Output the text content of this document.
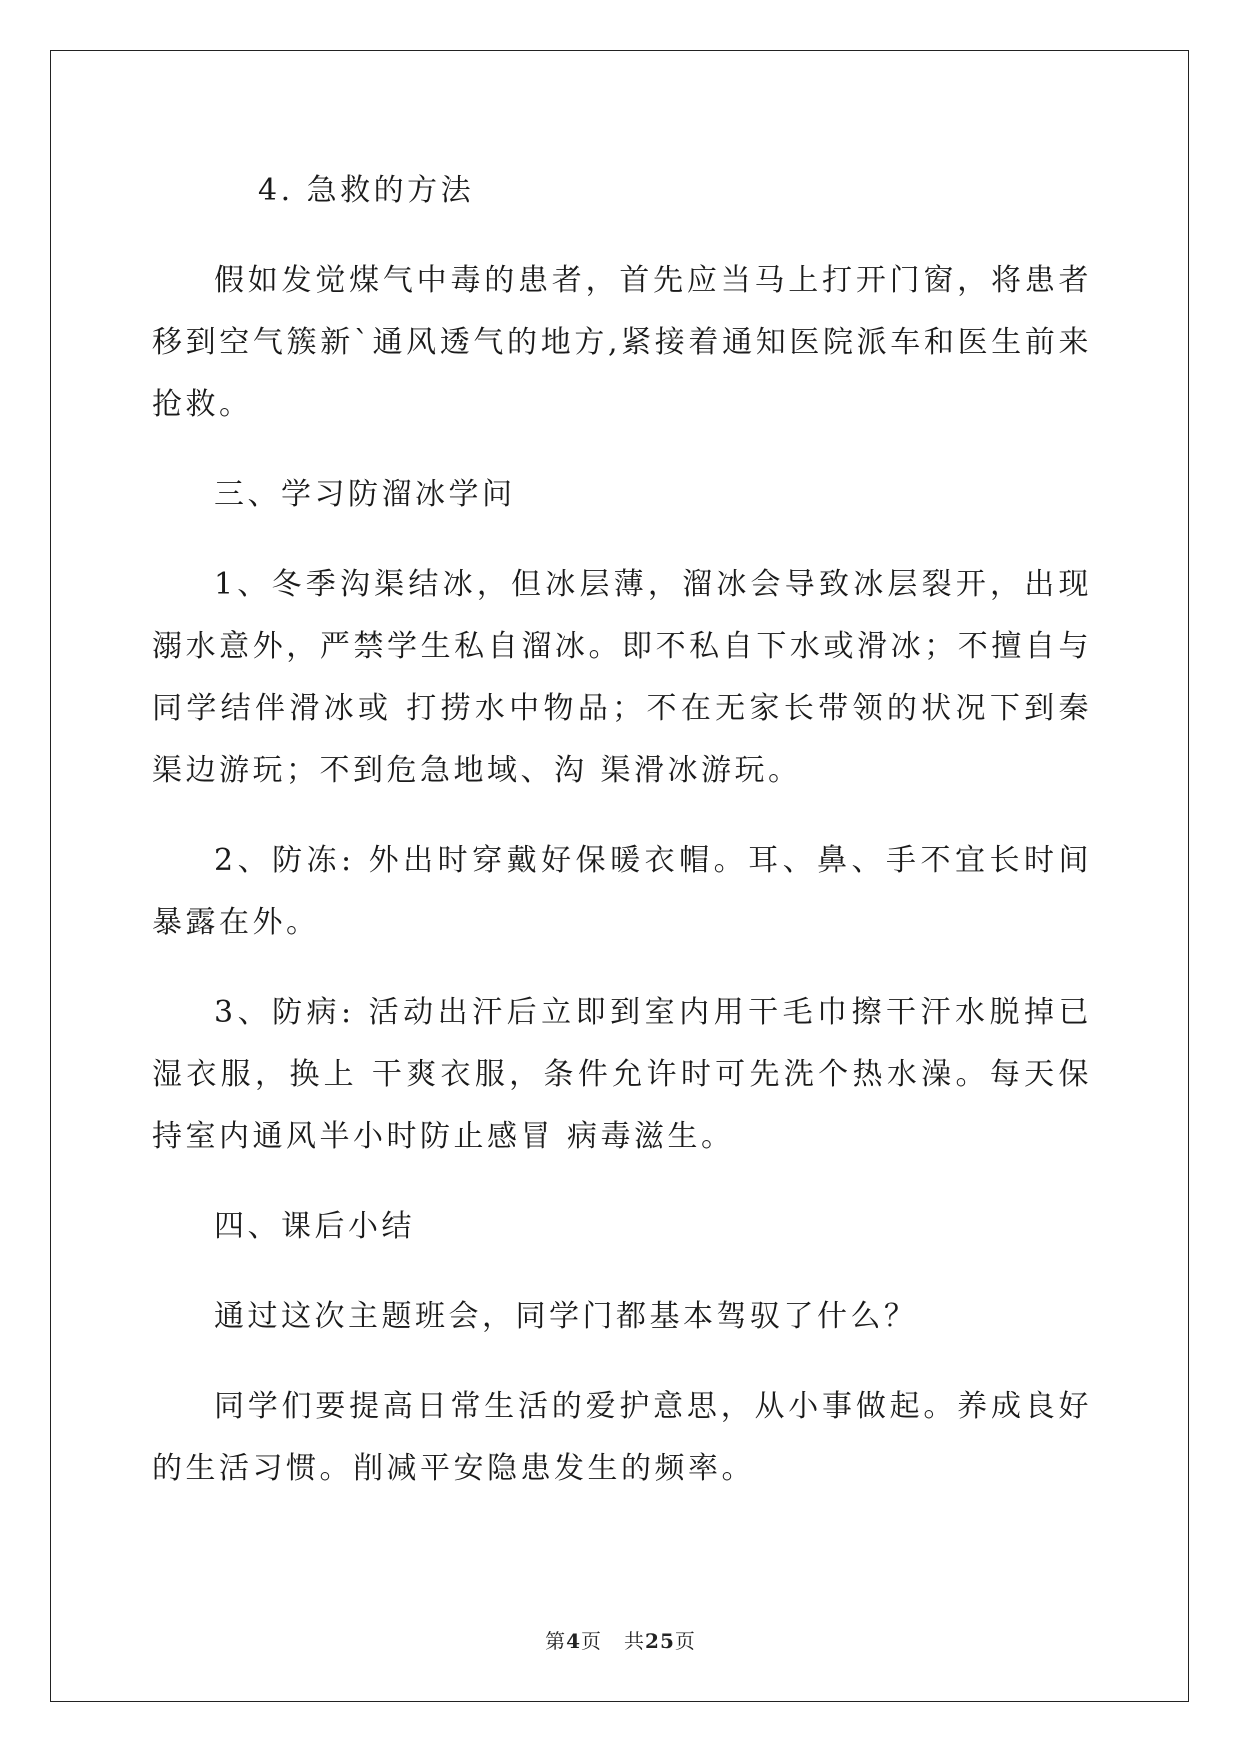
4. 急救的方法

假如发觉煤气中毒的患者，首先应当马上打开门窗，将患者移到空气簇新`通风透气的地方,紧接着通知医院派车和医生前来抢救。

三、学习防溜冰学问

1、冬季沟渠结冰，但冰层薄，溜冰会导致冰层裂开，出现溺水意外，严禁学生私自溜冰。即不私自下水或滑冰；不擅自与同学结伴滑冰或 打捞水中物品；不在无家长带领的状况下到秦渠边游玩；不到危急地域、沟 渠滑冰游玩。

2、防冻: 外出时穿戴好保暖衣帽。耳、鼻、手不宜长时间暴露在外。

3、防病: 活动出汗后立即到室内用干毛巾擦干汗水脱掉已湿衣服，换上 干爽衣服，条件允许时可先洗个热水澡。每天保持室内通风半小时防止感冒 病毒滋生。

四、课后小结

通过这次主题班会，同学门都基本驾驭了什么？

同学们要提高日常生活的爱护意思，从小事做起。养成良好的生活习惯。削减平安隐患发生的频率。

第4页 共25页
